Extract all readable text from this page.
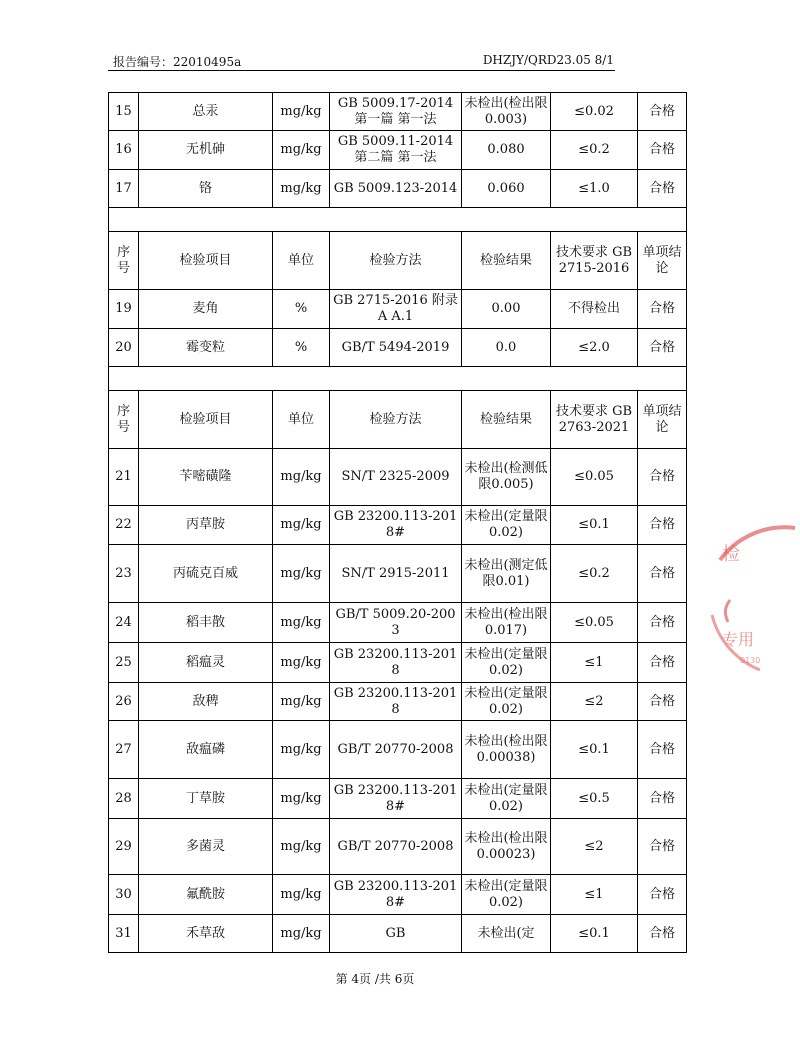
报告编号：22010495a	DHZJY/QRD23.05 8/1
15	总汞	mg/kg	GB 5009.17-2014 第一篇 第一法	未检出(检出限0.003)	≤0.02	合格
16	无机砷	mg/kg	GB 5009.11-2014 第二篇 第一法	0.080	≤0.2	合格
17	铬	mg/kg	GB 5009.123-2014	0.060	≤1.0	合格

序号	检验项目	单位	检验方法	检验结果	技术要求 GB 2715-2016	单项结论
19	麦角	%	GB 2715-2016 附录A A.1	0.00	不得检出	合格
20	霉变粒	%	GB/T 5494-2019	0.0	≤2.0	合格

序号	检验项目	单位	检验方法	检验结果	技术要求 GB 2763-2021	单项结论
21	苄嘧磺隆	mg/kg	SN/T 2325-2009	未检出(检测低限0.005)	≤0.05	合格
22	丙草胺	mg/kg	GB 23200.113-2018#	未检出(定量限0.02)	≤0.1	合格
23	丙硫克百威	mg/kg	SN/T 2915-2011	未检出(测定低限0.01)	≤0.2	合格
24	稻丰散	mg/kg	GB/T 5009.20-2003	未检出(检出限0.017)	≤0.05	合格
25	稻瘟灵	mg/kg	GB 23200.113-2018	未检出(定量限0.02)	≤1	合格
26	敌稗	mg/kg	GB 23200.113-2018	未检出(定量限0.02)	≤2	合格
27	敌瘟磷	mg/kg	GB/T 20770-2008	未检出(检出限0.00038)	≤0.1	合格
28	丁草胺	mg/kg	GB 23200.113-2018#	未检出(定量限0.02)	≤0.5	合格
29	多菌灵	mg/kg	GB/T 20770-2008	未检出(检出限0.00023)	≤2	合格
30	氟酰胺	mg/kg	GB 23200.113-2018#	未检出(定量限0.02)	≤1	合格
31	禾草敌	mg/kg	GB	未检出(定	≤0.1	合格
第 4页 /共 6页
检
专用
0130
